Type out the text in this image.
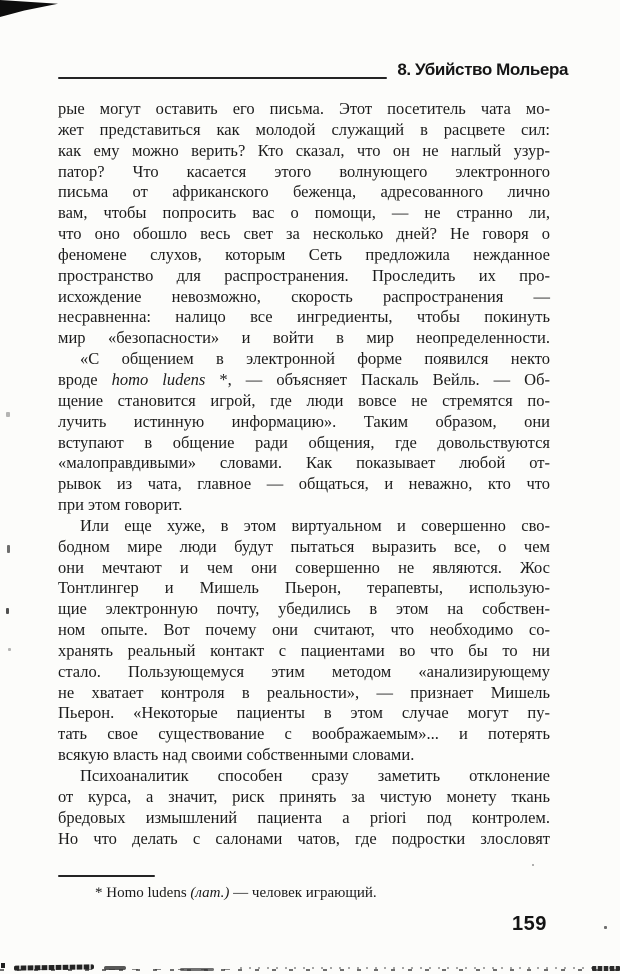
8. Убийство Мольера
рые могут оставить его письма. Этот посетитель чата мо-
жет представиться как молодой служащий в расцвете сил:
как ему можно верить? Кто сказал, что он не наглый узур-
патор? Что касается этого волнующего электронного
письма от африканского беженца, адресованного лично
вам, чтобы попросить вас о помощи, — не странно ли,
что оно обошло весь свет за несколько дней? Не говоря о
феномене слухов, которым Сеть предложила нежданное
пространство для распространения. Проследить их про-
исхождение невозможно, скорость распространения —
несравненна: налицо все ингредиенты, чтобы покинуть
мир «безопасности» и войти в мир неопределенности.
«С общением в электронной форме появился некто
вроде homo ludens *, — объясняет Паскаль Вейль. — Об-
щение становится игрой, где люди вовсе не стремятся по-
лучить истинную информацию». Таким образом, они
вступают в общение ради общения, где довольствуются
«малоправдивыми» словами. Как показывает любой от-
рывок из чата, главное — общаться, и неважно, кто что
при этом говорит.
Или еще хуже, в этом виртуальном и совершенно сво-
бодном мире люди будут пытаться выразить все, о чем
они мечтают и чем они совершенно не являются. Жос
Тонтлингер и Мишель Пьерон, терапевты, использую-
щие электронную почту, убедились в этом на собствен-
ном опыте. Вот почему они считают, что необходимо со-
хранять реальный контакт с пациентами во что бы то ни
стало. Пользующемуся этим методом «анализирующему
не хватает контроля в реальности», — признает Мишель
Пьерон. «Некоторые пациенты в этом случае могут пу-
тать свое существование с воображаемым»... и потерять
всякую власть над своими собственными словами.
Психоаналитик способен сразу заметить отклонение
от курса, а значит, риск принять за чистую монету ткань
бредовых измышлений пациента a priori под контролем.
Но что делать с салонами чатов, где подростки злословят
* Homo ludens (лат.) — человек играющий.
159
